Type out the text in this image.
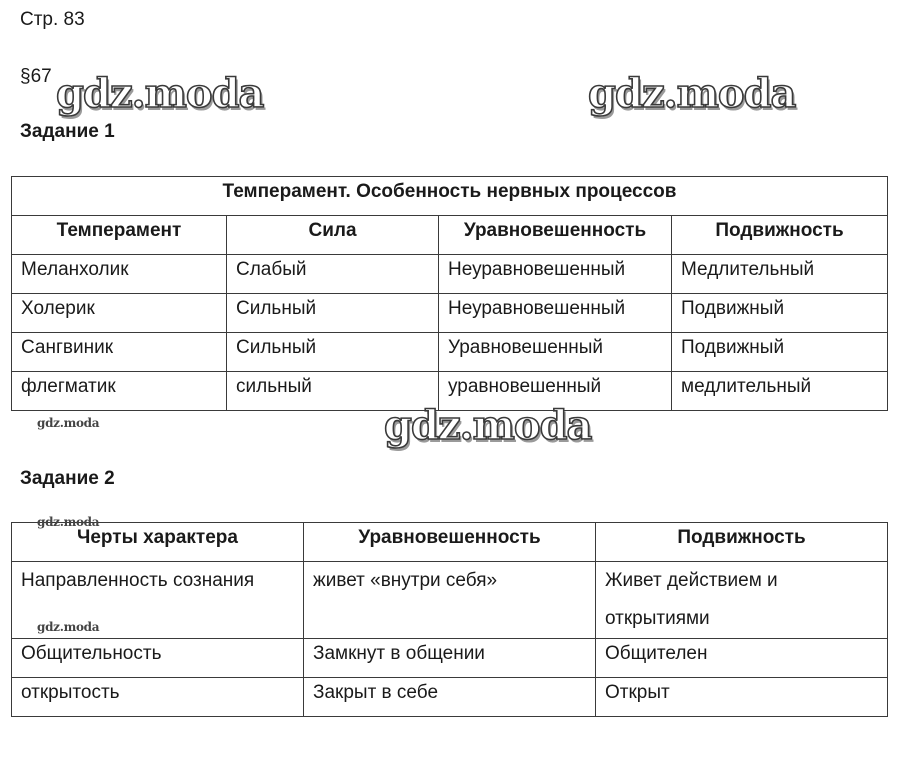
Стр. 83
§67 gdz.moda	gdz.moda
Задание 1
Темперамент. Особенность нервных процессов			
Темперамент	Сила	Уравновешенность	Подвижность
Меланхолик	Слабый	Неуравновешенный	Медлительный
Холерик	Сильный	Неуравновешенный	Подвижный
Сангвиник	Сильный	Уравновешенный	Подвижный
флегматик	сильный	уравновешенный	медлительный
gdz.moda	gdz.moda
Задание 2
Черты характера	Уравновешенность	Подвижность
Направленность сознания	живет «внутри себя»	Живет действием и открытиями
Общительность	Замкнут в общении	Общителен
открытость	Закрыт в себе	Открыт
gdz.moda
gdz.moda
